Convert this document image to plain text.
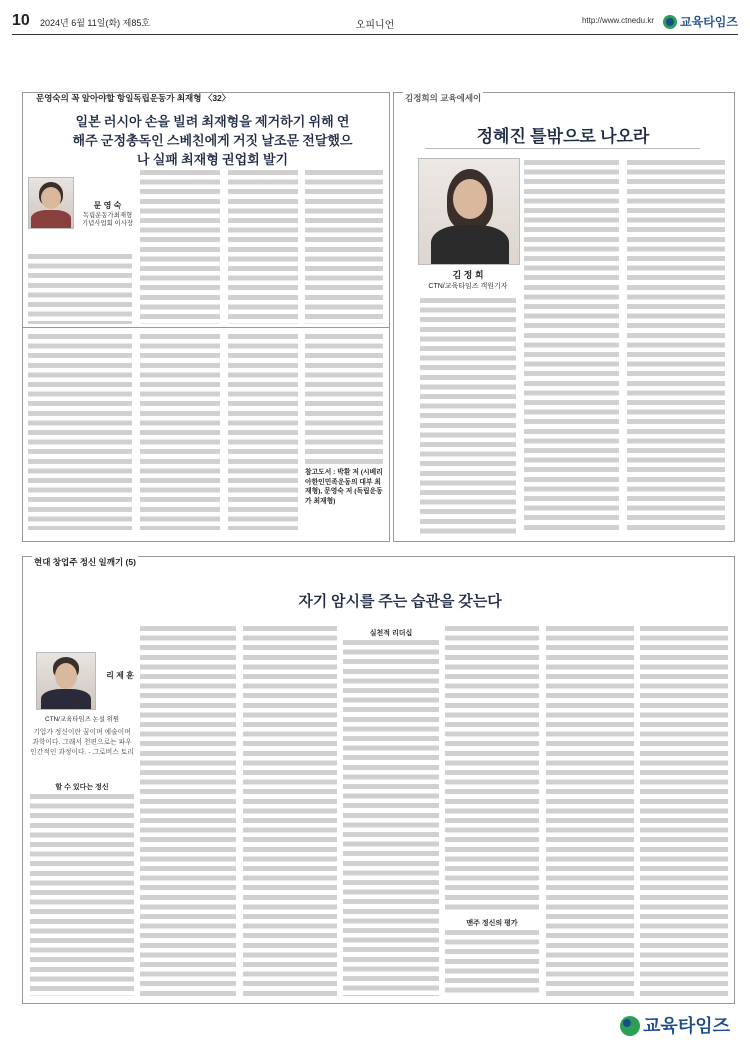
10 2024년 6월 11일(화) 제85호	오피니언	http://www.ctnedu.kr	교육타임즈
문영숙의 꼭 알아야할 항일독립운동가 최재형 〈32〉
일본 러시아 손을 빌려 최재형을 제거하기 위해 연해주 군정총독인 스베친에게 거짓 날조문 전달했으나 실패 최재형 권업회 발기
문 영 숙
독립운동가최재형 기념사업회 이사장
참고도서 : 박환 저 (시베리아한인민족운동의 대부 최재형), 문영숙 저 (독립운동가 최재형)
김정희의 교육에세이
정혜진 틀밖으로 나오라
김 정 희
CTN/교육타임즈 객원기자
현대 창업주 정신 일깨기 (5)
자기 암시를 주는 습관을 갖는다
리 제 훈
CTN/교육타임즈 논설 위원
기업가 정신이란 꿈이며 예술이며 과학이다. 그래서 천편으로는 파우 인간적인 과정이다. - 그로버스 토리
할 수 있다는 정신
실천적 리더십
맨주 정신의 평가
교육타임즈
